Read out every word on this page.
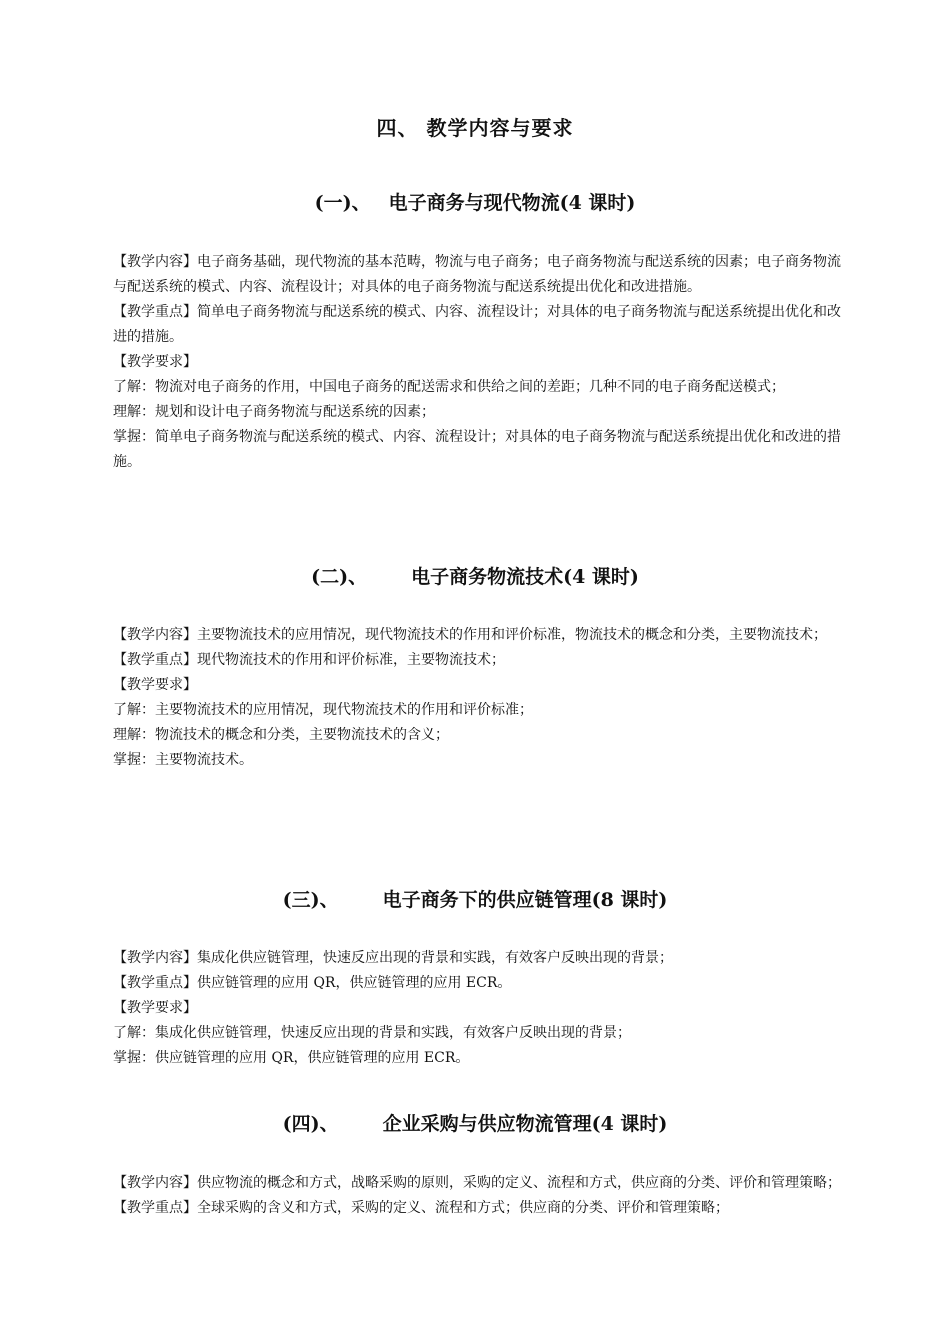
四、 教学内容与要求
(一)、 电子商务与现代物流(4 课时)

【教学内容】电子商务基础，现代物流的基本范畴，物流与电子商务；电子商务物流与配送系统的因素；电子商务物流与配送系统的模式、内容、流程设计；对具体的电子商务物流与配送系统提出优化和改进措施。

【教学重点】简单电子商务物流与配送系统的模式、内容、流程设计；对具体的电子商务物流与配送系统提出优化和改进的措施。

【教学要求】

了解：物流对电子商务的作用，中国电子商务的配送需求和供给之间的差距；几种不同的电子商务配送模式；

理解：规划和设计电子商务物流与配送系统的因素；

掌握：简单电子商务物流与配送系统的模式、内容、流程设计；对具体的电子商务物流与配送系统提出优化和改进的措施。

(二)、 电子商务物流技术(4 课时)

【教学内容】主要物流技术的应用情况，现代物流技术的作用和评价标准，物流技术的概念和分类，主要物流技术；

【教学重点】现代物流技术的作用和评价标准，主要物流技术；

【教学要求】

了解：主要物流技术的应用情况，现代物流技术的作用和评价标准；

理解：物流技术的概念和分类，主要物流技术的含义；

掌握：主要物流技术。

(三)、 电子商务下的供应链管理(8 课时)

【教学内容】集成化供应链管理，快速反应出现的背景和实践，有效客户反映出现的背景；

【教学重点】供应链管理的应用 QR，供应链管理的应用 ECR。

【教学要求】

了解：集成化供应链管理，快速反应出现的背景和实践，有效客户反映出现的背景；

掌握：供应链管理的应用 QR，供应链管理的应用 ECR。

(四)、 企业采购与供应物流管理(4 课时)

【教学内容】供应物流的概念和方式，战略采购的原则，采购的定义、流程和方式，供应商的分类、评价和管理策略；

【教学重点】全球采购的含义和方式，采购的定义、流程和方式；供应商的分类、评价和管理策略；
